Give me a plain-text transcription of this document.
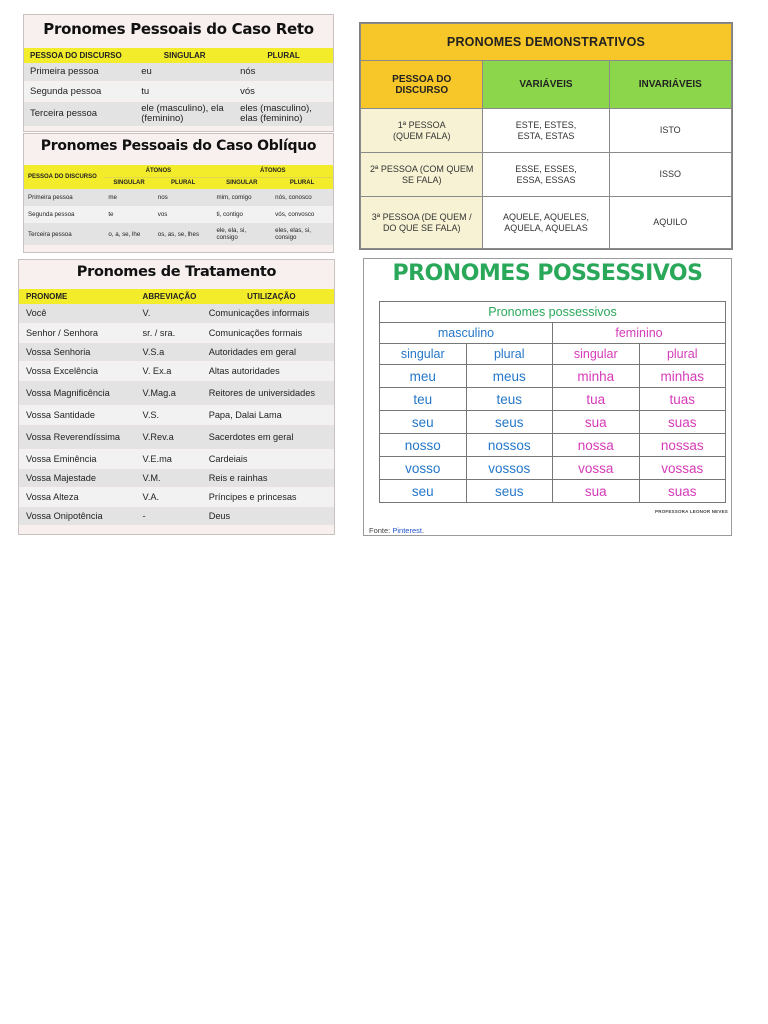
Pronomes Pessoais do Caso Reto
PESSOA DO DISCURSO	SINGULAR	PLURAL
Primeira pessoa	eu	nós
Segunda pessoa	tu	vós
Terceira pessoa	ele (masculino), ela (feminino)	eles (masculino), elas (feminino)
Pronomes Pessoais do Caso Oblíquo
PESSOA DO DISCURSO	ÁTONOS		ÁTONOS	
	SINGULAR	PLURAL	SINGULAR	PLURAL
Primeira pessoa	me	nos	mim, comigo	nós, conosco
Segunda pessoa	te	vos	ti, contigo	vós, convosco
Terceira pessoa	o, a, se, lhe	os, as, se, lhes	ele, ela, si, consigo	eles, elas, si, consigo
PRONOMES DEMONSTRATIVOS		
PESSOA DO DISCURSO	VARIÁVEIS	INVARIÁVEIS
1ª PESSOA (QUEM FALA)	ESTE, ESTES, ESTA, ESTAS	ISTO
2ª PESSOA (COM QUEM SE FALA)	ESSE, ESSES, ESSA, ESSAS	ISSO
3ª PESSOA (DE QUEM / DO QUE SE FALA)	AQUELE, AQUELES, AQUELA, AQUELAS	AQUILO
Pronomes de Tratamento
PRONOME	ABREVIAÇÃO	UTILIZAÇÃO
Você	V.	Comunicações informais
Senhor / Senhora	sr. / sra.	Comunicações formais
Vossa Senhoria	V.S.a	Autoridades em geral
Vossa Excelência	V. Ex.a	Altas autoridades
Vossa Magnificência	V.Mag.a	Reitores de universidades
Vossa Santidade	V.S.	Papa, Dalai Lama
Vossa Reverendíssima	V.Rev.a	Sacerdotes em geral
Vossa Eminência	V.E.ma	Cardeiais
Vossa Majestade	V.M.	Reis e rainhas
Vossa Alteza	V.A.	Príncipes e princesas
Vossa Onipotência	-	Deus
PRONOMES POSSESSIVOS
Pronomes possessivos			
masculino		feminino	
singular	plural	singular	plural
meu	meus	minha	minhas
teu	teus	tua	tuas
seu	seus	sua	suas
nosso	nossos	nossa	nossas
vosso	vossos	vossa	vossas
seu	seus	sua	suas
PROFESSORA LEONOR NEVES
Fonte: Pinterest.
